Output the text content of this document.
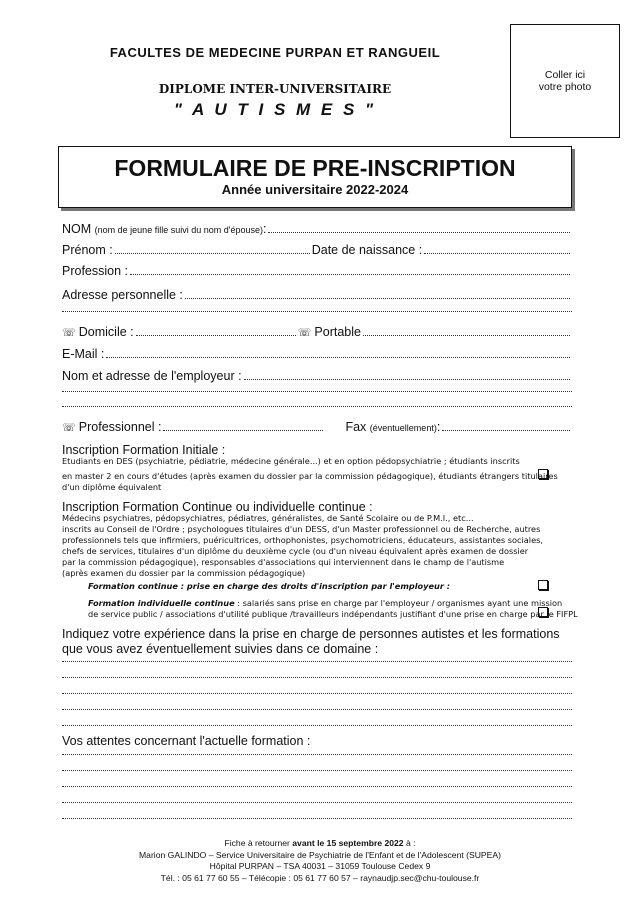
FACULTES DE MEDECINE PURPAN ET RANGUEIL
DIPLOME INTER-UNIVERSITAIRE
" A U T I S M E S "
Coller ici
votre photo
FORMULAIRE DE PRE-INSCRIPTION
Année universitaire 2022-2024
NOM
(nom de jeune fille suivi du nom d'épouse) :
Prénom :	Date de naissance :
Profession :
Adresse personnelle :
☏ Domicile :	☏ Portable
E-Mail :
Nom et adresse de l'employeur :
☏ Professionnel :	Fax
(éventuellement) :
Inscription Formation Initiale :
Etudiants en DES (psychiatrie, pédiatrie, médecine générale...) et en option pédopsychiatrie ; étudiants inscrits
en master 2 en cours d'études (après examen du dossier par la commission pédagogique), étudiants étrangers titulaires
d'un diplôme équivalent
Inscription Formation Continue ou individuelle continue :
Médecins psychiatres, pédopsychiatres, pédiatres, généralistes, de Santé Scolaire ou de P.M.I., etc...
inscrits au Conseil de l'Ordre ; psychologues titulaires d'un DESS, d'un Master professionnel ou de Recherche, autres
professionnels tels que infirmiers, puéricultrices, orthophonistes, psychomotriciens, éducateurs, assistantes sociales,
chefs de services, titulaires d'un diplôme du deuxième cycle (ou d'un niveau équivalent après examen de dossier
par la commission pédagogique), responsables d'associations qui interviennent dans le champ de l'autisme
(après examen du dossier par la commission pédagogique)
Formation continue : prise en charge des droits d'inscription par l'employeur :
Formation individuelle continue : salariés sans prise en charge par l'employeur / organismes ayant une mission
de service public / associations d'utilité publique /travailleurs indépendants justifiant d'une prise en charge par le FIFPL
Indiquez votre expérience dans la prise en charge de personnes autistes et les formations que vous avez éventuellement suivies dans ce domaine :
Vos attentes concernant l'actuelle formation :
Fiche à retourner avant le 15 septembre 2022 à :
Marion GALINDO – Service Universitaire de Psychiatrie de l'Enfant et de l'Adolescent (SUPEA)
Hôpital PURPAN – TSA 40031 – 31059 Toulouse Cedex 9
Tél. : 05 61 77 60 55 – Télécopie : 05 61 77 60 57 – raynaudjp.sec@chu-toulouse.fr
